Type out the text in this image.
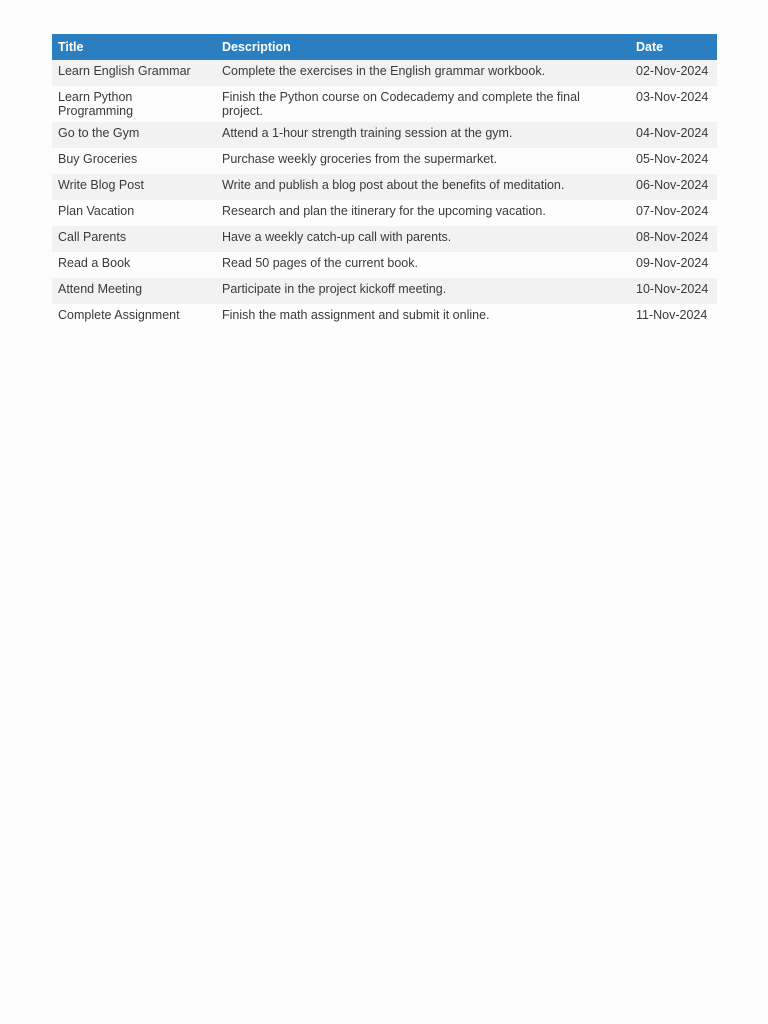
Title	Description	Date
Learn English Grammar	Complete the exercises in the English grammar workbook.	02-Nov-2024
Learn Python Programming	Finish the Python course on Codecademy and complete the final project.	03-Nov-2024
Go to the Gym	Attend a 1-hour strength training session at the gym.	04-Nov-2024
Buy Groceries	Purchase weekly groceries from the supermarket.	05-Nov-2024
Write Blog Post	Write and publish a blog post about the benefits of meditation.	06-Nov-2024
Plan Vacation	Research and plan the itinerary for the upcoming vacation.	07-Nov-2024
Call Parents	Have a weekly catch-up call with parents.	08-Nov-2024
Read a Book	Read 50 pages of the current book.	09-Nov-2024
Attend Meeting	Participate in the project kickoff meeting.	10-Nov-2024
Complete Assignment	Finish the math assignment and submit it online.	11-Nov-2024
